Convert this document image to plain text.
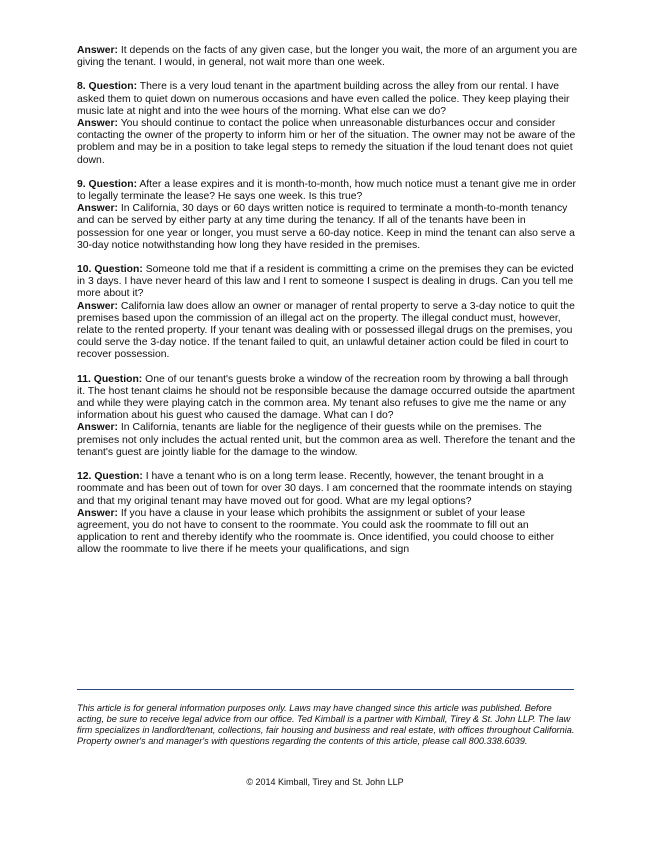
Answer: It depends on the facts of any given case, but the longer you wait, the more of an argument you are giving the tenant. I would, in general, not wait more than one week.

8. Question: There is a very loud tenant in the apartment building across the alley from our rental. I have asked them to quiet down on numerous occasions and have even called the police. They keep playing their music late at night and into the wee hours of the morning. What else can we do?

Answer: You should continue to contact the police when unreasonable disturbances occur and consider contacting the owner of the property to inform him or her of the situation. The owner may not be aware of the problem and may be in a position to take legal steps to remedy the situation if the loud tenant does not quiet down.

9. Question: After a lease expires and it is month-to-month, how much notice must a tenant give me in order to legally terminate the lease? He says one week. Is this true?

Answer: In California, 30 days or 60 days written notice is required to terminate a month-to-month tenancy and can be served by either party at any time during the tenancy. If all of the tenants have been in possession for one year or longer, you must serve a 60-day notice. Keep in mind the tenant can also serve a 30-day notice notwithstanding how long they have resided in the premises.

10. Question: Someone told me that if a resident is committing a crime on the premises they can be evicted in 3 days. I have never heard of this law and I rent to someone I suspect is dealing in drugs. Can you tell me more about it?

Answer: California law does allow an owner or manager of rental property to serve a 3-day notice to quit the premises based upon the commission of an illegal act on the property. The illegal conduct must, however, relate to the rented property. If your tenant was dealing with or possessed illegal drugs on the premises, you could serve the 3-day notice. If the tenant failed to quit, an unlawful detainer action could be filed in court to recover possession.

11. Question: One of our tenant's guests broke a window of the recreation room by throwing a ball through it. The host tenant claims he should not be responsible because the damage occurred outside the apartment and while they were playing catch in the common area. My tenant also refuses to give me the name or any information about his guest who caused the damage. What can I do?

Answer: In California, tenants are liable for the negligence of their guests while on the premises. The premises not only includes the actual rented unit, but the common area as well. Therefore the tenant and the tenant's guest are jointly liable for the damage to the window.

12. Question: I have a tenant who is on a long term lease. Recently, however, the tenant brought in a roommate and has been out of town for over 30 days. I am concerned that the roommate intends on staying and that my original tenant may have moved out for good. What are my legal options?

Answer: If you have a clause in your lease which prohibits the assignment or sublet of your lease agreement, you do not have to consent to the roommate. You could ask the roommate to fill out an application to rent and thereby identify who the roommate is. Once identified, you could choose to either allow the roommate to live there if he meets your qualifications, and sign

This article is for general information purposes only. Laws may have changed since this article was published. Before acting, be sure to receive legal advice from our office. Ted Kimball is a partner with Kimball, Tirey & St. John LLP. The law firm specializes in landlord/tenant, collections, fair housing and business and real estate, with offices throughout California. Property owner's and manager's with questions regarding the contents of this article, please call 800.338.6039.
© 2014 Kimball, Tirey and St. John LLP
